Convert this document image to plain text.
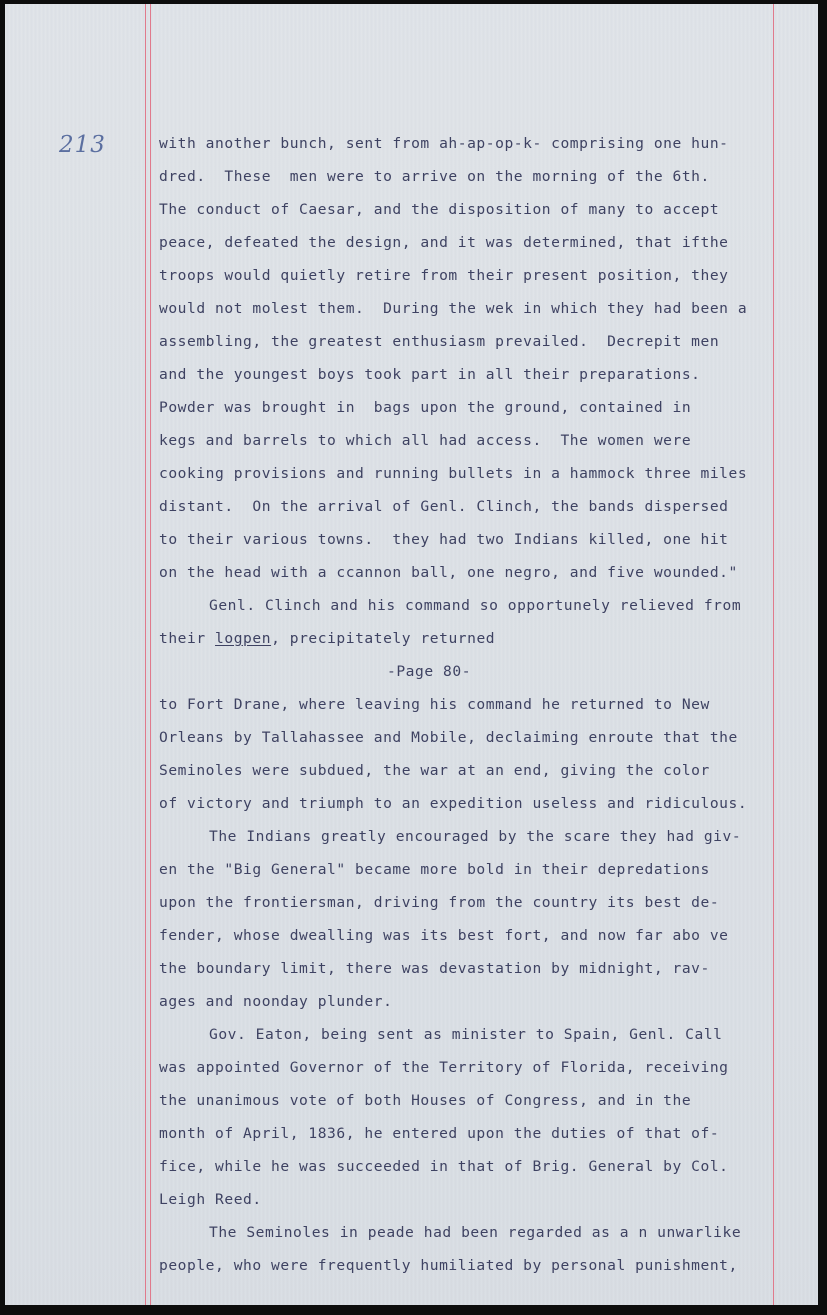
213	with another bunch, sent from ah-ap-op-k- comprising one hun-
dred.  These  men were to arrive on the morning of the 6th.
The conduct of Caesar, and the disposition of many to accept
peace, defeated the design, and it was determined, that ifthe
troops would quietly retire from their present position, they
would not molest them.  During the wek in which they had been a
assembling, the greatest enthusiasm prevailed.  Decrepit men
and the youngest boys took part in all their preparations.
Powder was brought in  bags upon the ground, contained in
kegs and barrels to which all had access.  The women were
cooking provisions and running bullets in a hammock three miles
distant.  On the arrival of Genl. Clinch, the bands dispersed
to their various towns.  they had two Indians killed, one hit
on the head with a ccannon ball, one negro, and five wounded."
Genl. Clinch and his command so opportunely relieved from
their logpen, precipitately returned
-Page 80-
to Fort Drane, where leaving his command he returned to New
Orleans by Tallahassee and Mobile, declaiming enroute that the
Seminoles were subdued, the war at an end, giving the color
of victory and triumph to an expedition useless and ridiculous.
The Indians greatly encouraged by the scare they had giv-
en the "Big General" became more bold in their depredations
upon the frontiersman, driving from the country its best de-
fender, whose dwealling was its best fort, and now far abo ve
the boundary limit, there was devastation by midnight, rav-
ages and noonday plunder.
Gov. Eaton, being sent as minister to Spain, Genl. Call
was appointed Governor of the Territory of Florida, receiving
the unanimous vote of both Houses of Congress, and in the
month of April, 1836, he entered upon the duties of that of-
fice, while he was succeeded in that of Brig. General by Col.
Leigh Reed.
The Seminoles in peade had been regarded as a n unwarlike
people, who were frequently humiliated by personal punishment,
